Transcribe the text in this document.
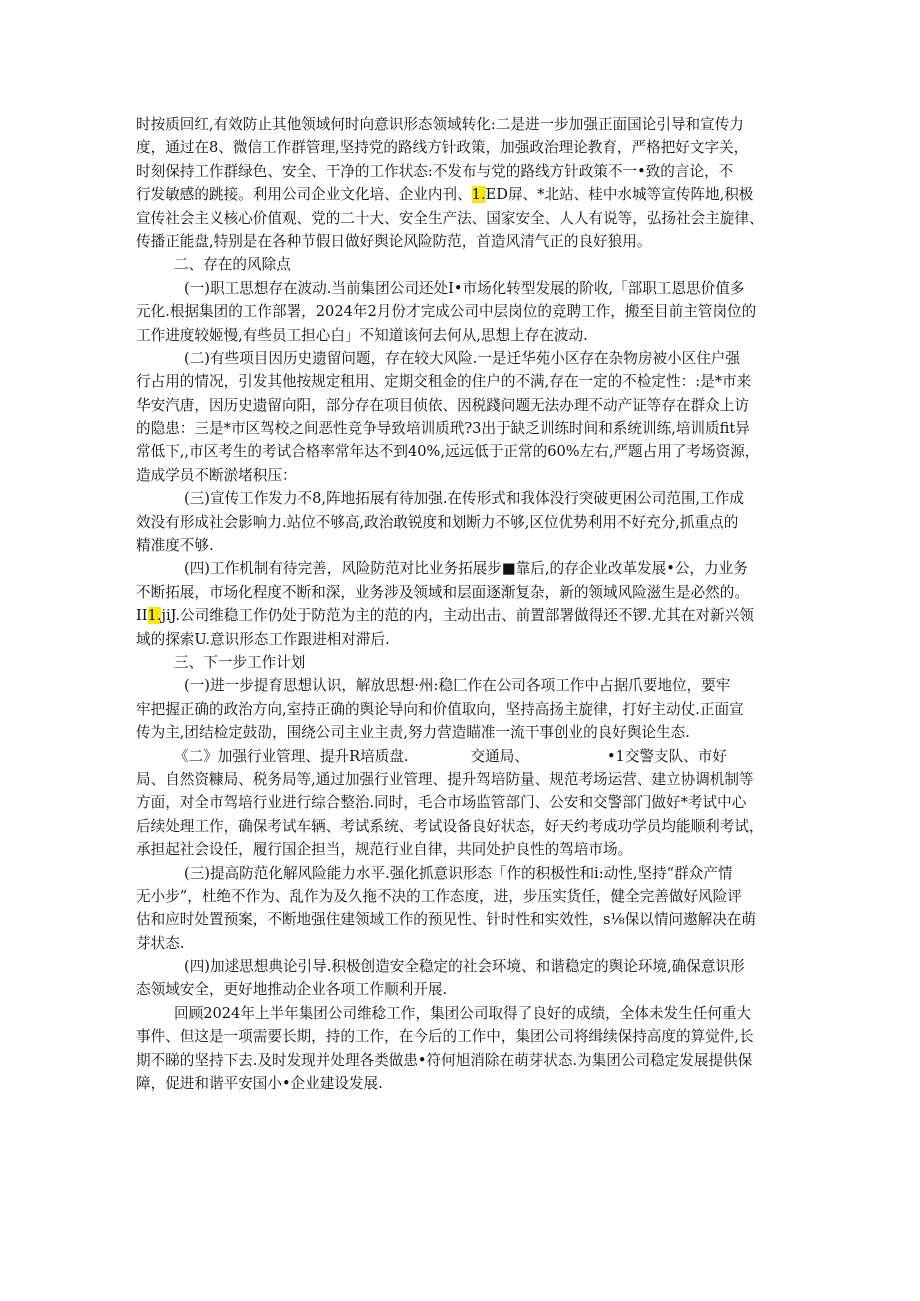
时按质回红,有效防止其他领域何时向意识形态领域转化:二是进一步加强正面国论引导和宣传力
度，通过在8、微信工作群管理,坚持党的路线方针政策，加强政治理论教育，严格把好文字关，
时刻保持工作群绿色、安全、干净的工作状态:不发布与党的路线方针政策不一•致的言论，不
行发敏感的跳接。利用公司企业文化培、企业内刊、1.ED屏、*北站、桂中水城等宣传阵地,积极
宣传社会主义核心价值观、党的二十大、安全生产法、国家安全、人人有说等，弘扬社会主旋律、
传播正能盘,特别是在各种节假日做好舆论风险防范，首造风清气正的良好狼用。
二、存在的风除点
(一)职工思想存在波动.当前集团公司还处I•市场化转型发展的阶收,「部职工恩思价值多
元化.根据集团的工作部署，2024年2月份才完成公司中层岗位的竞聘工作，搬至目前主管岗位的
工作进度较姬慢,有些员工担心白」不知道该何去何从,思想上存在波动.
(二)有些项目因历史遗留问题，存在较大风险.一是迁华苑小区存在杂物房被小区住户强
行占用的情况，引发其他按规定租用、定期交租金的住户的不满,存在一定的不检定性：:是*市来
华安汽唐，因历史遗留向阳，部分存在项目侦依、因税踐问题无法办理不动产证等存在群众上访
的隐患：三是*市区驾校之间恶性竞争导致培训质玳?3出于缺乏训练时间和系统训练,培训质fit异
常低下,,市区考生的考试合格率常年达不到40%,远远低于正常的60%左右,严题占用了考场资源，
造成学员不断淤堵积压：
(三)宣传工作发力不8,阵地拓展有待加强.在传形式和我体没行突破更困公司范围,工作成
效没有形成社会影响力.站位不够高,政治敢锐度和划断力不够,区位优势利用不好充分,抓重点的
精准度不够.
(四)工作机制有待完善，风险防范对比业务拓展步■靠后,的存企业改革发展•公，力业务
不断拓展，市场化程度不断和深，业务涉及领域和层面逐渐复杂，新的领域风险滋生是必然的。
II1.jiJ.公司维稳工作仍处于防范为主的范的内，主动出击、前置部署做得还不锣.尤其在对新兴领
域的探索U.意识形态工作跟进相对滞后.
三、下一步工作计划
(一)进一步提育思想认识，解放思想·州:稳匚作在公司各项工作中占据爪要地位，要牢
牢把握正确的政治方向,室持正确的舆论导向和价值取向，坚持高扬主旋律，打好主动仗.正面宣
传为主,团结检定鼓劭，围绕公司主业主责,努力营造瞄准一流干事创业的良好舆论生态.
《二》加强行业管理、提升R培质盘.	交通局、	•1交警支队、市好
局、自然资糠局、税务局等,通过加强行业管理、提升驾培防量、规范考场运营、建立协调机制等
方面，对全市驾培行业进行综合整治.同时，毛合市场监管部门、公安和交警部门做好*考试中心
后续处理工作，确保考试车辆、考试系统、考试设备良好状态，好天约考成功学员均能顺利考试，
承担起社会设任，履行国企担当，规范行业自律，共同处护良性的驾培市场。
(三)提高防范化解风险能力水平.强化抓意识形态「作的积极性和i:动性,坚持“群众产情
无小步”，杜绝不作为、乱作为及久拖不决的工作态度，进，步压实货任，健全完善做好风险评
估和应时处置预案，不断地强住建领域工作的预见性、针时性和实效性，s⅛保以情问遨解决在萌
芽状态.
(四)加逑思想典论引导.积极创造安全稳定的社会环境、和谐稳定的舆论环境,确保意识形
态领域安全，更好地推动企业各项工作顺利开展.
回顾2024年上半年集团公司维稔工作，集团公司取得了良好的成绩，全体未发生任何重大
事件、但这是一项需要长期，持的工作，在今后的工作中，集团公司将缉续保持高度的算觉件,长
期不睇的坚持下去.及时发现并处理各类做患•符何旭消除在萌芽状态.为集团公司稳定发展提供保
障，促进和谐平安国小•企业建设发展.
